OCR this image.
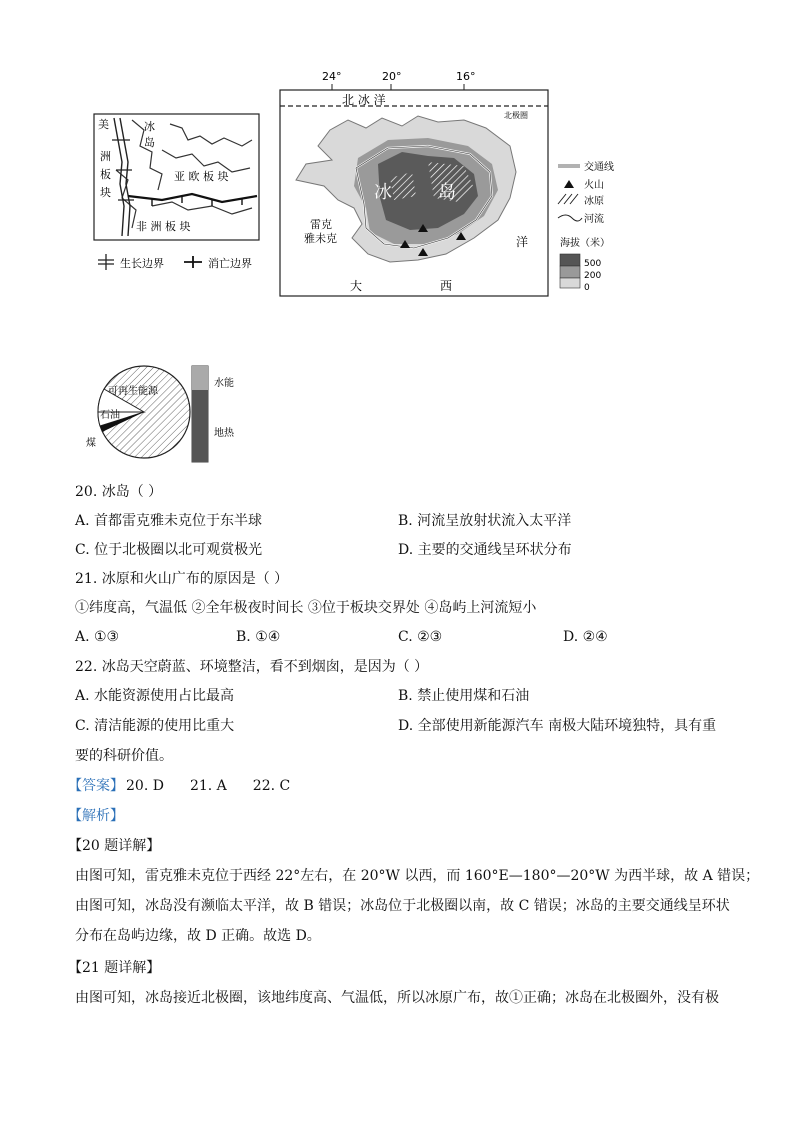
美
洲
板
块
冰
岛
亚 欧 板 块
非 洲 板 块
生长边界	消亡边界
24°	20°	16°
北 冰 洋
北极圈
冰	岛
雷克
雅未克
大	西
洋
交通线
火山
冰原
河流
海拔（米）
500
200
0
可再生能源
石油
煤
水能
地热
20. 冰岛（ ）
A. 首都雷克雅未克位于东半球	B. 河流呈放射状流入太平洋
C. 位于北极圈以北可观赏极光	D. 主要的交通线呈环状分布
21. 冰原和火山广布的原因是（ ）
①纬度高，气温低 ②全年极夜时间长 ③位于板块交界处 ④岛屿上河流短小
A. ①③	B. ①④	C. ②③	D. ②④
22. 冰岛天空蔚蓝、环境整洁，看不到烟囱，是因为（ ）
A. 水能资源使用占比最高	B. 禁止使用煤和石油
C. 清洁能源的使用比重大	D. 全部使用新能源汽车 南极大陆环境独特，具有重
要的科研价值。
【答案】 20. D 21. A 22. C
【解析】
【20 题详解】
由图可知，雷克雅未克位于西经 22°左右，在 20°W 以西，而 160°E—180°—20°W 为西半球，故 A 错误；
由图可知，冰岛没有濒临太平洋，故 B 错误；冰岛位于北极圈以南，故 C 错误；冰岛的主要交通线呈环状
分布在岛屿边缘，故 D 正确。故选 D。
【21 题详解】
由图可知，冰岛接近北极圈，该地纬度高、气温低，所以冰原广布，故①正确；冰岛在北极圈外，没有极
